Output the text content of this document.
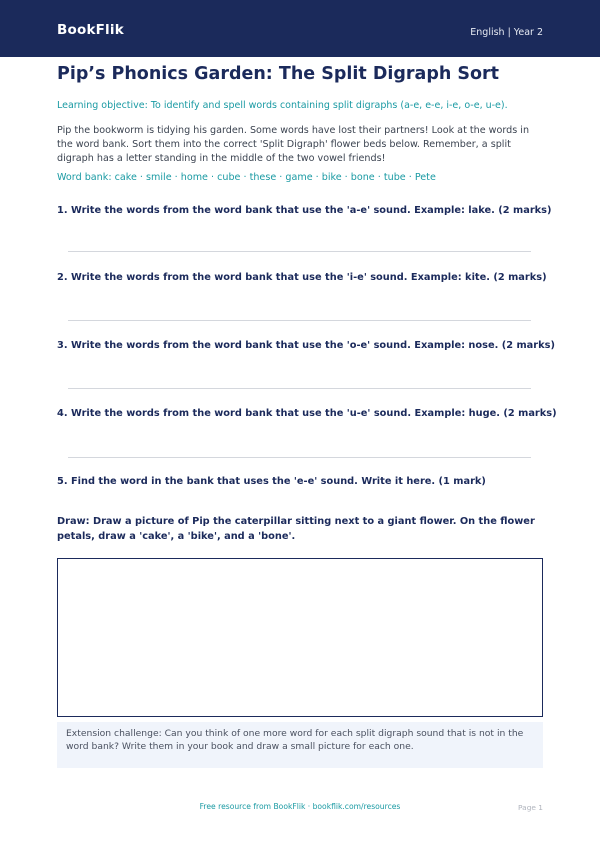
BookFlik	English | Year 2
Pip’s Phonics Garden: The Split Digraph Sort
Learning objective: To identify and spell words containing split digraphs (a-e, e-e, i-e, o-e, u-e).
Pip the bookworm is tidying his garden. Some words have lost their partners! Look at the words in the word bank. Sort them into the correct 'Split Digraph' flower beds below. Remember, a split digraph has a letter standing in the middle of the two vowel friends!
Word bank: cake · smile · home · cube · these · game · bike · bone · tube · Pete
1. Write the words from the word bank that use the 'a-e' sound. Example: lake. (2 marks)
2. Write the words from the word bank that use the 'i-e' sound. Example: kite. (2 marks)
3. Write the words from the word bank that use the 'o-e' sound. Example: nose. (2 marks)
4. Write the words from the word bank that use the 'u-e' sound. Example: huge. (2 marks)
5. Find the word in the bank that uses the 'e-e' sound. Write it here. (1 mark)
Draw: Draw a picture of Pip the caterpillar sitting next to a giant flower. On the flower petals, draw a 'cake', a 'bike', and a 'bone'.
Extension challenge: Can you think of one more word for each split digraph sound that is not in the word bank? Write them in your book and draw a small picture for each one.
Free resource from BookFlik · bookflik.com/resources	Page 1
